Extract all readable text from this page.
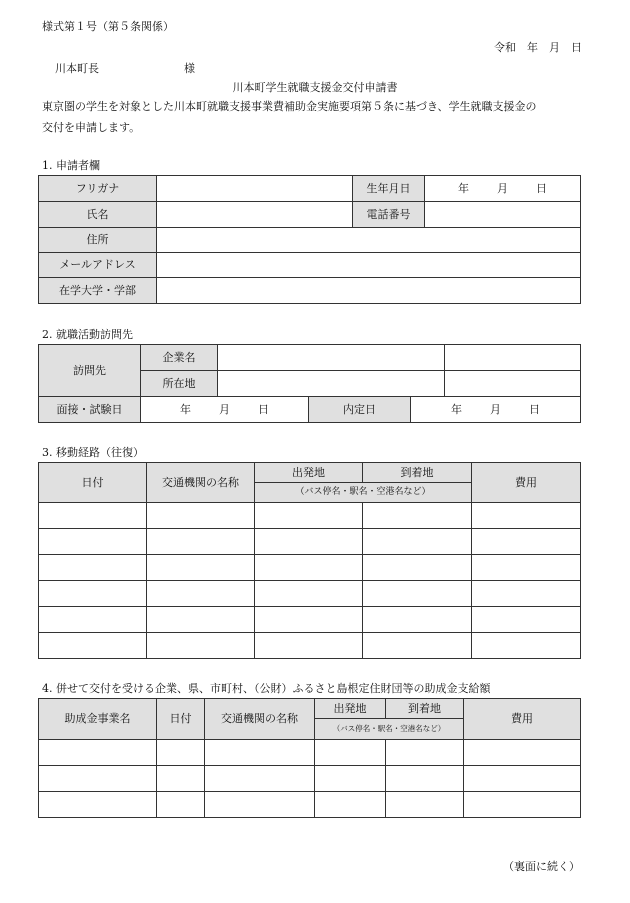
様式第１号（第５条関係）
令和　年　月　日
川本町長	様
川本町学生就職支援金交付申請書
東京圏の学生を対象とした川本町就職支援事業費補助金実施要項第５条に基づき、学生就職支援金の
交付を申請します。
1. 申請者欄
フリガナ		生年月日	年 月 日

氏名		電話番号	
住所			
メールアドレス			
在学大学・学部			
2. 就職活動訪問先
訪問先	企業名				
	所在地				
面接・試験日	年 月 日		内定日	年 月 日	
3. 移動経路（往復）
日付	交通機関の名称	出発地	到着地	費用
		（バス停名・駅名・空港名など）		

4. 併せて交付を受ける企業、県、市町村、（公財）ふるさと島根定住財団等の助成金支給額
助成金事業名	日付	交通機関の名称	出発地	到着地	費用
			（バス停名・駅名・空港名など）		

（裏面に続く）
